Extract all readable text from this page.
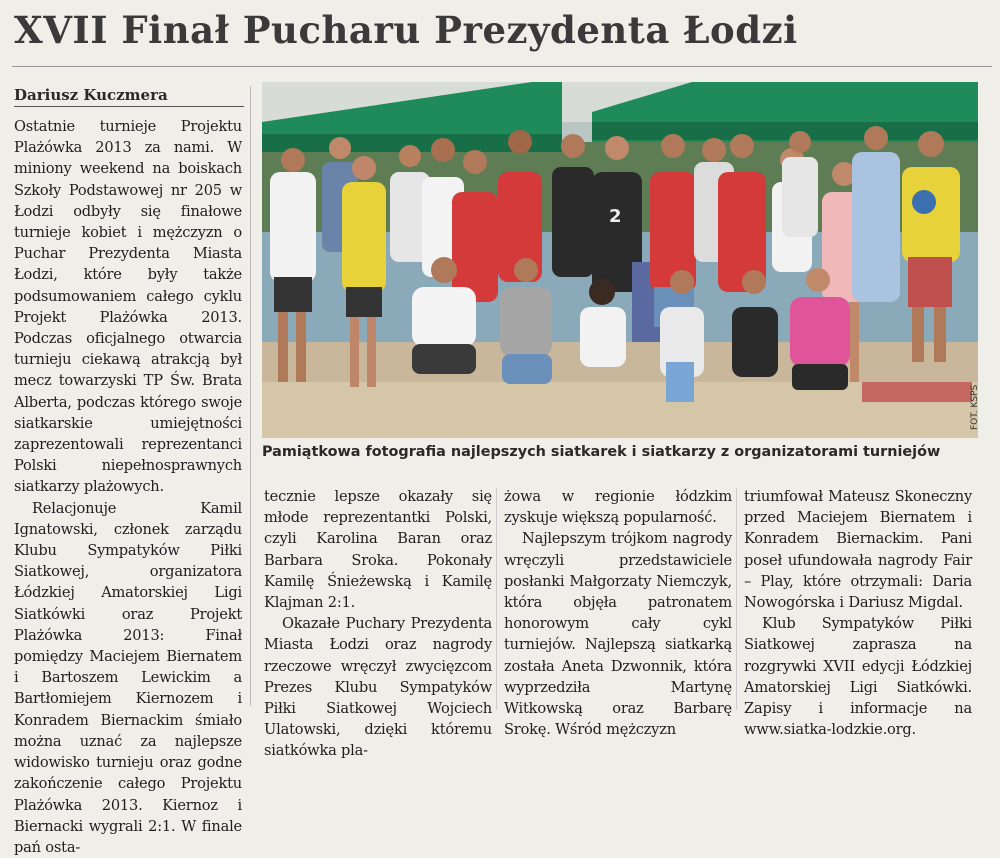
XVII Finał Pucharu Prezydenta Łodzi
Dariusz Kuczmera

Ostatnie turnieje Projektu Plażówka 2013 za nami. W miniony weekend na boiskach Szkoły Podstawowej nr 205 w Łodzi odbyły się finałowe turnieje kobiet i mężczyzn o Puchar Prezydenta Miasta Łodzi, które były także podsumowaniem całego cyklu Projekt Plażówka 2013. Podczas oficjalnego otwarcia turnieju ciekawą atrakcją był mecz towarzyski TP Św. Brata Alberta, podczas którego swoje siatkarskie umiejętności zaprezentowali reprezentanci Polski niepełnosprawnych siatkarzy plażowych.

Relacjonuje Kamil Ignatowski, członek zarządu Klubu Sympatyków Piłki Siatkowej, organizatora Łódzkiej Amatorskiej Ligi Siatkówki oraz Projekt Plażówka 2013: Finał pomiędzy Maciejem Biernatem i Bartoszem Lewickim a Bartłomiejem Kiernozem i Konradem Biernackim śmiało można uznać za najlepsze widowisko turnieju oraz godne zakończenie całego Projektu Plażówka 2013. Kiernoz i Biernacki wygrali 2:1. W finale pań osta-

2
FOT. KSPS
Pamiątkowa fotografia najlepszych siatkarek i siatkarzy z organizatorami turniejów

tecznie lepsze okazały się młode reprezentantki Polski, czyli Karolina Baran oraz Barbara Sroka. Pokonały Kamilę Śnieżewską i Kamilę Klajman 2:1.

Okazałe Puchary Prezydenta Miasta Łodzi oraz nagrody rzeczowe wręczył zwycięzcom Prezes Klubu Sympatyków Piłki Siatkowej Wojciech Ulatowski, dzięki któremu siatkówka pla-

żowa w regionie łódzkim zyskuje większą popularność.

Najlepszym trójkom nagrody wręczyli przedstawiciele posłanki Małgorzaty Niemczyk, która objęła patronatem honorowym cały cykl turniejów. Najlepszą siatkarką została Aneta Dzwonnik, która wyprzedziła Martynę Witkowską oraz Barbarę Srokę. Wśród mężczyzn

triumfował Mateusz Skoneczny przed Maciejem Biernatem i Konradem Biernackim. Pani poseł ufundowała nagrody Fair – Play, które otrzymali: Daria Nowogórska i Dariusz Migdal.

Klub Sympatyków Piłki Siatkowej zaprasza na rozgrywki XVII edycji Łódzkiej Amatorskiej Ligi Siatkówki. Zapisy i informacje na www.siatka-lodzkie.org.
